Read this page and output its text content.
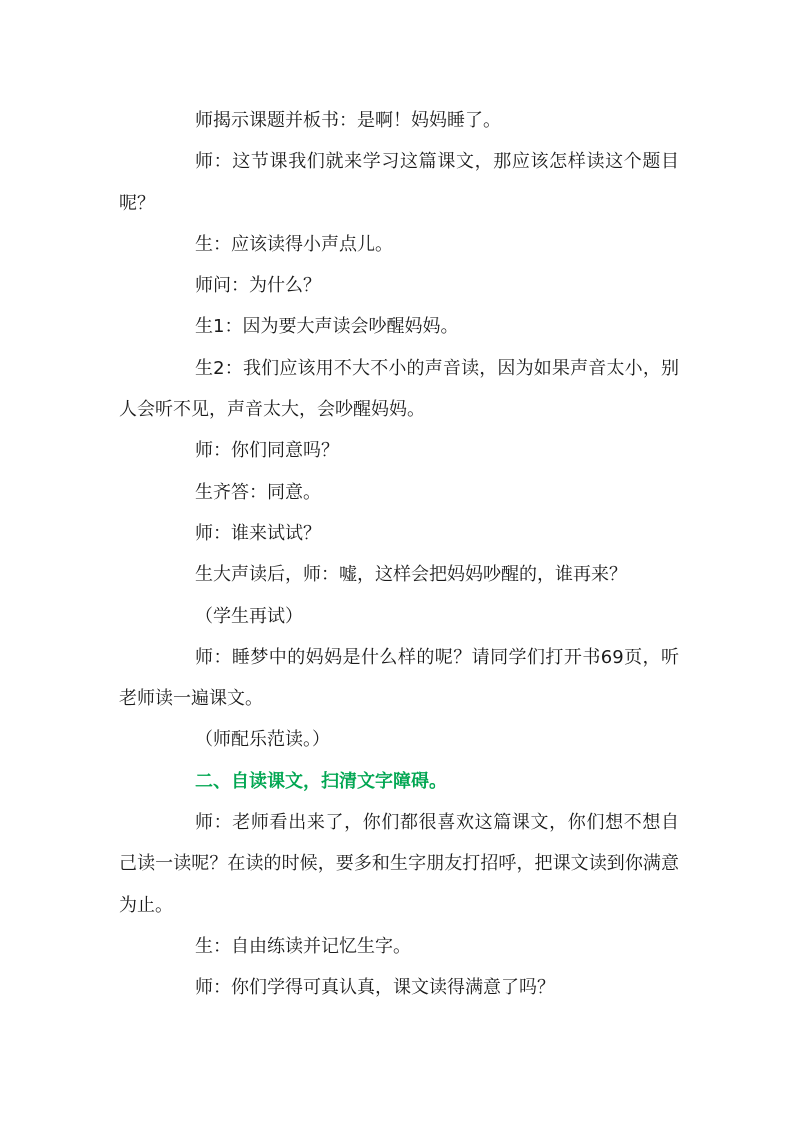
师揭示课题并板书：是啊！妈妈睡了。

师：这节课我们就来学习这篇课文，那应该怎样读这个题目呢？

生：应该读得小声点儿。

师问：为什么？

生1：因为要大声读会吵醒妈妈。

生2：我们应该用不大不小的声音读，因为如果声音太小，别人会听不见，声音太大，会吵醒妈妈。

师：你们同意吗？

生齐答：同意。

师：谁来试试？

生大声读后，师：嘘，这样会把妈妈吵醒的，谁再来？

（学生再试）

师：睡梦中的妈妈是什么样的呢？请同学们打开书69页，听老师读一遍课文。

（师配乐范读。）

二、自读课文，扫清文字障碍。

师：老师看出来了，你们都很喜欢这篇课文，你们想不想自己读一读呢？在读的时候，要多和生字朋友打招呼，把课文读到你满意为止。

生：自由练读并记忆生字。

师：你们学得可真认真，课文读得满意了吗？
